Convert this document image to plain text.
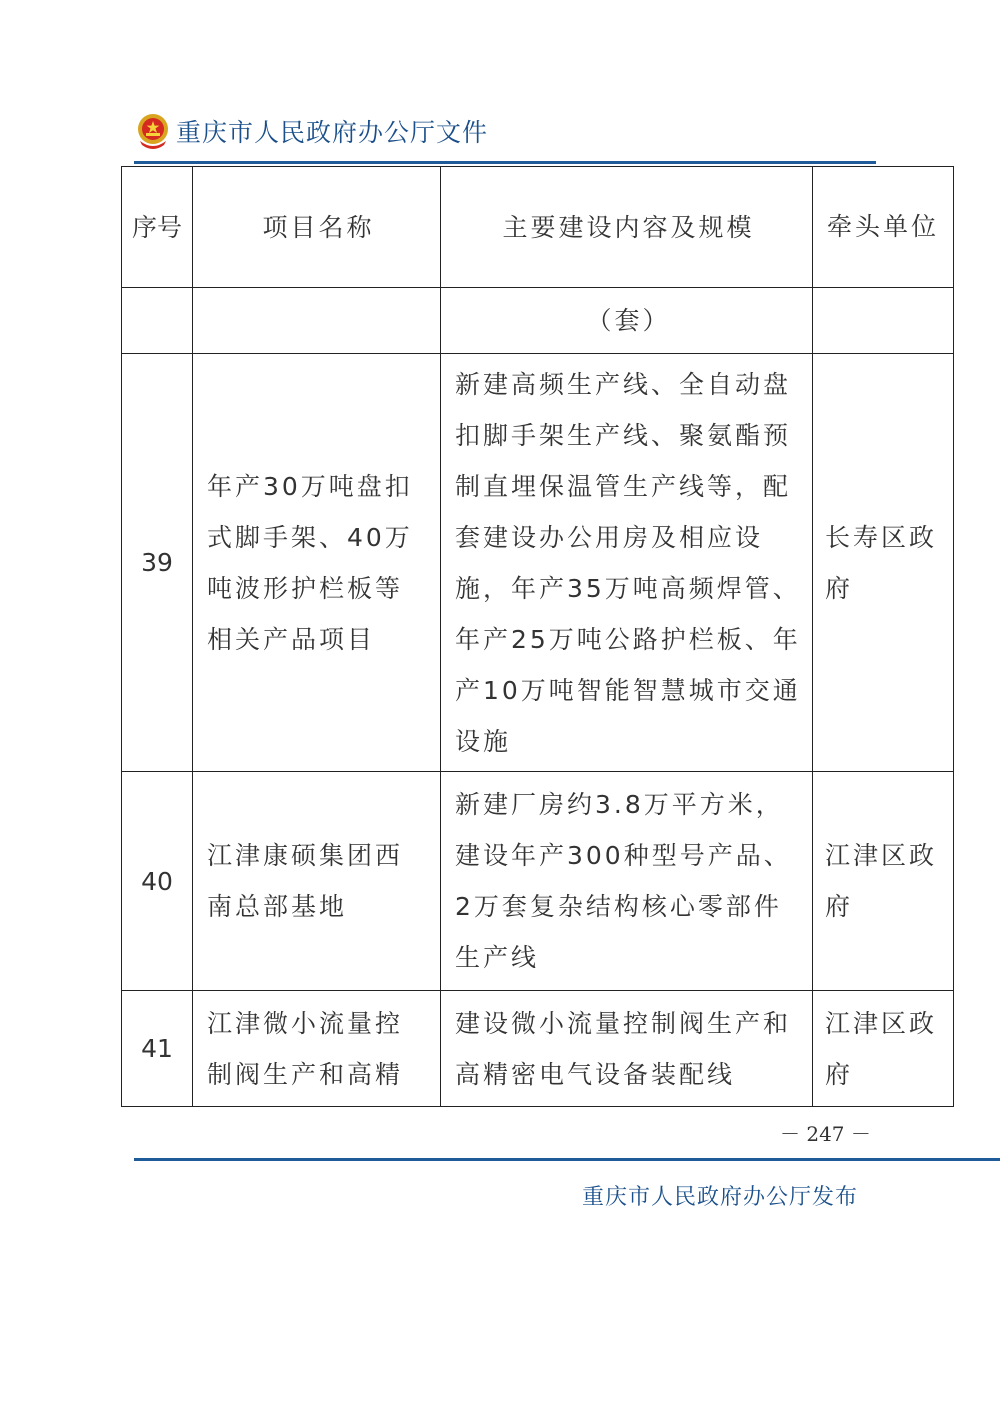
重庆市人民政府办公厅文件
序号	项目名称	主要建设内容及规模	牵头单位
		（套）	
39	年产30万吨盘扣式脚手架、40万吨波形护栏板等相关产品项目	新建高频生产线、全自动盘扣脚手架生产线、聚氨酯预制直埋保温管生产线等，配套建设办公用房及相应设施，年产35万吨高频焊管、年产25万吨公路护栏板、年产10万吨智能智慧城市交通设施	长寿区政府
40	江津康硕集团西南总部基地	新建厂房约3.8万平方米，建设年产300种型号产品、2万套复杂结构核心零部件生产线	江津区政府
41	江津微小流量控制阀生产和高精	建设微小流量控制阀生产和高精密电气设备装配线	江津区政府
－ 247 －
重庆市人民政府办公厅发布
